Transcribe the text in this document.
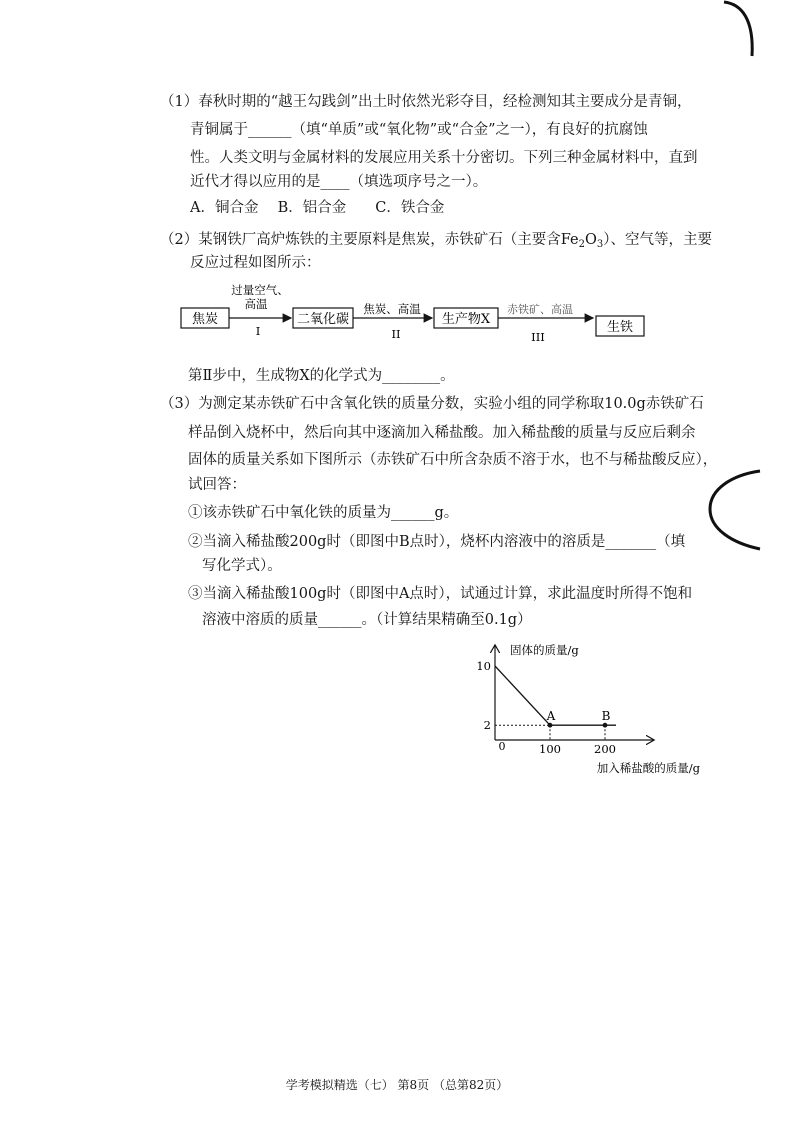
（1）春秋时期的“越王勾践剑”出土时依然光彩夺目，经检测知其主要成分是青铜，
青铜属于______（填“单质”或“氧化物”或“合金”之一），有良好的抗腐蚀
性。人类文明与金属材料的发展应用关系十分密切。下列三种金属材料中，直到
近代才得以应用的是____（填选项序号之一）。
A．铜合金　 B．铝合金　　C．铁合金
（2）某钢铁厂高炉炼铁的主要原料是焦炭，赤铁矿石（主要含$Fe_2O_3$）、空气等，主要
反应过程如图所示：
焦炭
过量空气、
高温
I
二氧化碳
焦炭、高温
II
生产物X
赤铁矿、高温
III
生铁
第Ⅱ步中，生成物X的化学式为________。
（3）为测定某赤铁矿石中含氧化铁的质量分数，实验小组的同学称取10.0g赤铁矿石
样品倒入烧杯中，然后向其中逐滴加入稀盐酸。加入稀盐酸的质量与反应后剩余
固体的质量关系如下图所示（赤铁矿石中所含杂质不溶于水，也不与稀盐酸反应），
试回答：
①该赤铁矿石中氧化铁的质量为______g。
②当滴入稀盐酸200g时（即图中B点时），烧杯内溶液中的溶质是_______（填
写化学式）。
③当滴入稀盐酸100g时（即图中A点时），试通过计算，求此温度时所得不饱和
溶液中溶质的质量______。（计算结果精确至0.1g）
固体的质量/g
加入稀盐酸的质量/g
0
2
10
100	200
A	B
学考模拟精选（七） 第8页 （总第82页）
